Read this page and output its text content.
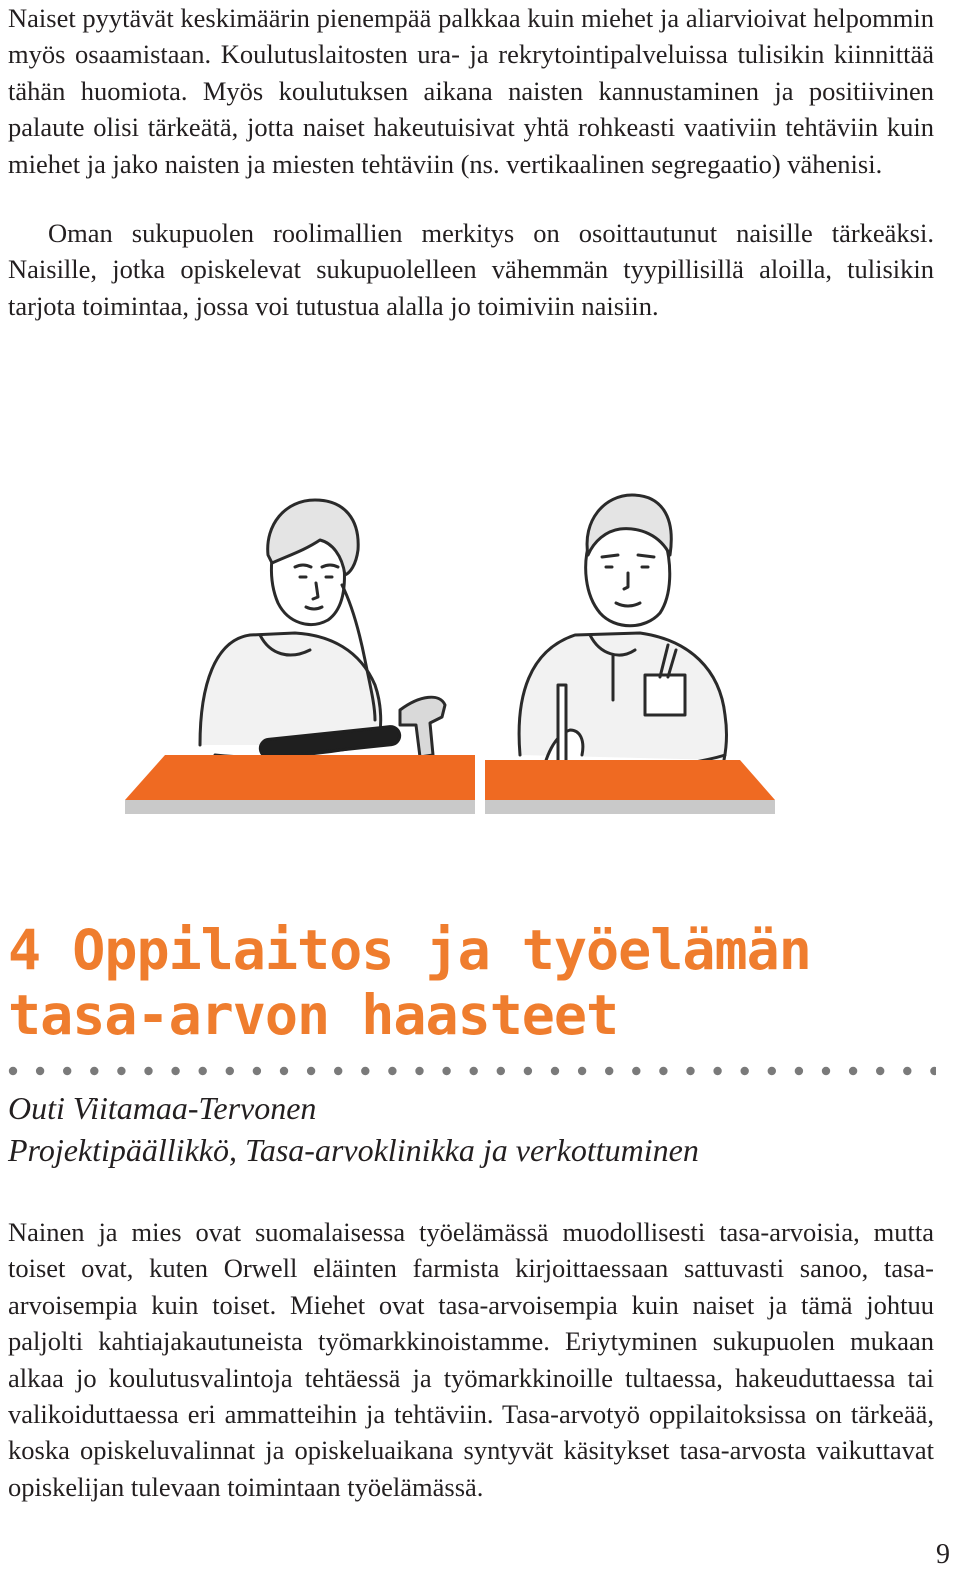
Naiset pyytävät keskimäärin pienempää palkkaa kuin miehet ja aliarvioivat helpommin myös osaamistaan. Koulutuslaitosten ura- ja rekrytointipalveluissa tulisikin kiinnittää tähän huomiota. Myös koulutuksen aikana naisten kannustaminen ja positiivinen palaute olisi tärkeätä, jotta naiset hakeutuisivat yhtä rohkeasti vaativiin tehtäviin kuin miehet ja jako naisten ja miesten tehtäviin (ns. vertikaalinen segregaatio) vähenisi.

Oman sukupuolen roolimallien merkitys on osoittautunut naisille tärkeäksi. Naisille, jotka opiskelevat sukupuolelleen vähemmän tyypillisillä aloilla, tulisikin tarjota toimintaa, jossa voi tutustua alalla jo toimiviin naisiin.

4 Oppilaitos ja työelämän
tasa-arvon haasteet

Outi Viitamaa-Tervonen

Projektipäällikkö, Tasa-arvoklinikka ja verkottuminen

Nainen ja mies ovat suomalaisessa työelämässä muodollisesti tasa-arvoisia, mutta toiset ovat, kuten Orwell eläinten farmista kirjoittaessaan sattuvasti sanoo, tasa-arvoisempia kuin toiset. Miehet ovat tasa-arvoisempia kuin naiset ja tämä johtuu paljolti kahtiajakautuneista työmarkkinoistamme. Eriytyminen sukupuolen mukaan alkaa jo koulutusvalintoja tehtäessä ja työmarkkinoille tultaessa, hakeuduttaessa tai valikoiduttaessa eri ammatteihin ja tehtäviin. Tasa-arvotyö oppilaitoksissa on tärkeää, koska opiskeluvalinnat ja opiskeluaikana syntyvät käsitykset tasa-arvosta vaikuttavat opiskelijan tulevaan toimintaan työelämässä.

9
